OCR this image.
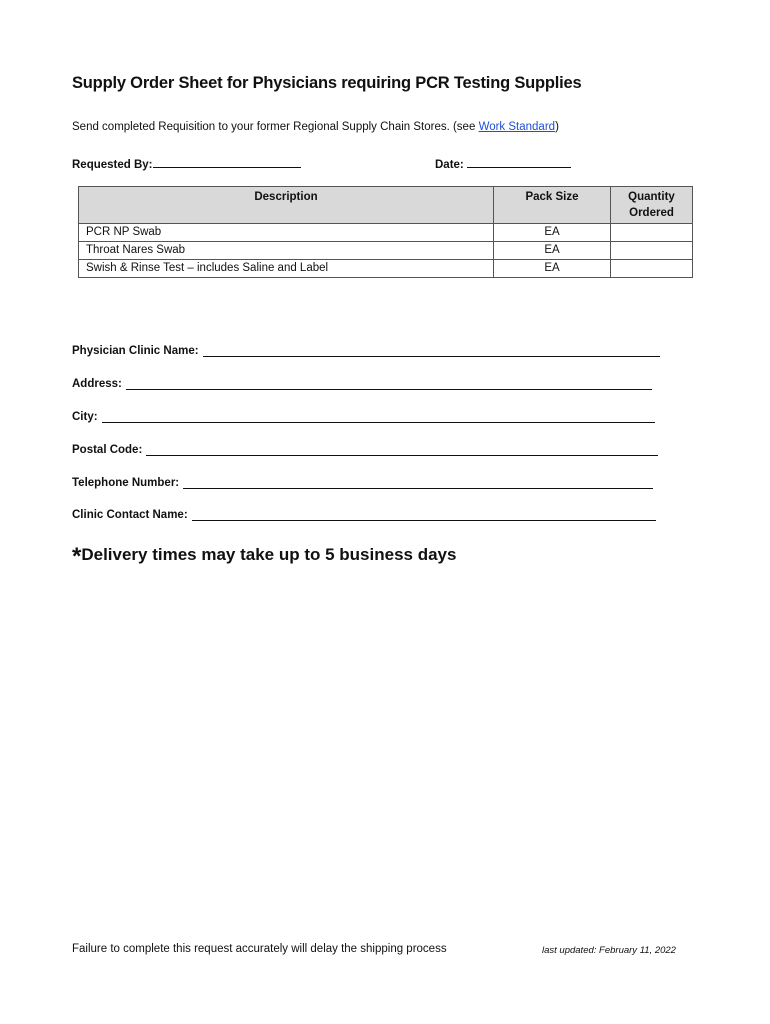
Supply Order Sheet for Physicians requiring PCR Testing Supplies
Send completed Requisition to your former Regional Supply Chain Stores. (see Work Standard)
Requested By:	Date:
Description	Pack Size	Quantity Ordered
PCR NP Swab	EA	
Throat Nares Swab	EA	
Swish & Rinse Test – includes Saline and Label	EA	
Physician Clinic Name:
Address:
City:
Postal Code:
Telephone Number:
Clinic Contact Name:
*Delivery times may take up to 5 business days
Failure to complete this request accurately will delay the shipping process	last updated: February 11, 2022
